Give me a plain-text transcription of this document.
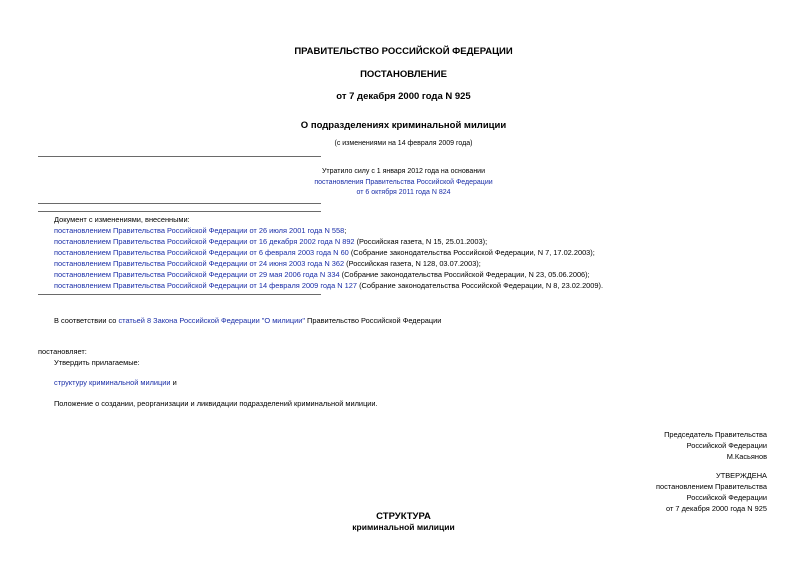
ПРАВИТЕЛЬСТВО РОССИЙСКОЙ ФЕДЕРАЦИИ
ПОСТАНОВЛЕНИЕ
от 7 декабря 2000 года N 925
О подразделениях криминальной милиции
(с изменениями на 14 февраля 2009 года)
Утратило силу с 1 января 2012 года на основании
постановления Правительства Российской Федерации
от 6 октября 2011 года N 824
Документ с изменениями, внесенными:
постановлением Правительства Российской Федерации от 26 июля 2001 года N 558;
постановлением Правительства Российской Федерации от 16 декабря 2002 года N 892 (Российская газета, N 15, 25.01.2003);
постановлением Правительства Российской Федерации от 6 февраля 2003 года N 60 (Собрание законодательства Российской Федерации, N 7, 17.02.2003);
постановлением Правительства Российской Федерации от 24 июня 2003 года N 362 (Российская газета, N 128, 03.07.2003);
постановлением Правительства Российской Федерации от 29 мая 2006 года N 334 (Собрание законодательства Российской Федерации, N 23, 05.06.2006);
постановлением Правительства Российской Федерации от 14 февраля 2009 года N 127 (Собрание законодательства Российской Федерации, N 8, 23.02.2009).
В соответствии со статьей 8 Закона Российской Федерации "О милиции" Правительство Российской Федерации
постановляет:
Утвердить прилагаемые:
структуру криминальной милиции и
Положение о создании, реорганизации и ликвидации подразделений криминальной милиции.
Председатель Правительства
Российской Федерации
М.Касьянов
УТВЕРЖДЕНА
постановлением Правительства
Российской Федерации
от 7 декабря 2000 года N 925
СТРУКТУРА
криминальной милиции
